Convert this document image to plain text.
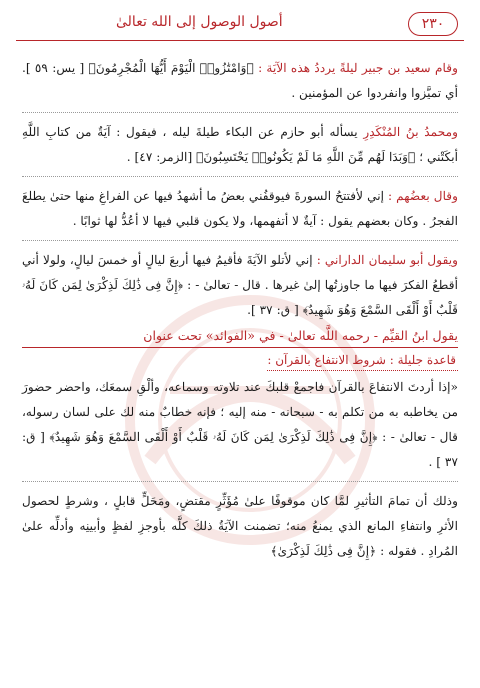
٢٣٠
أصول الوصول إلى الله تعالىٰ

وقام سعيد بن جبير ليلةً يرددُ هذه الآيَة : ﴿وَامْتَٰزُوا۟ الْيَوْمَ أَيُّهَا الْمُجْرِمُونَ﴾ [ يس: ٥٩ ]. أي تميَّزوا وانفردوا عن المؤمنين .

ومحمدُ بنُ المُنْكَدِرِ يسأله أبو حازم عن البكاء طيلةَ ليله ، فيقول : آيَةٌ من كتابِ اللَّهِ أبكَتْني ؛ ﴿وَبَدَا لَهُم مِّنَ اللَّهِ مَا لَمْ يَكُونُوا۟ يَحْتَسِبُونَ﴾ [الزمر: ٤٧] .

وقال بعضُهم : إني لأفتتحُ السورةَ فيوقفُني بعضُ ما أشهدُ فيها عن الفراغِ منها حتىٰ يطلعَ الفجرُ . وكان بعضهم يقول : آيةٌ لا أتفهمها، ولا يكون قلبي فيها لا أعُدُّ لها ثوابًا .

ويقول أبو سليمان الداراني : إني لأتلو الآيَةَ فأقيمُ فيها أربعَ ليالٍ أو خمسَ ليالٍ، ولولا أني أقطعُ الفكرَ فيها ما جاوزتُها إلىٰ غيرها . قال - تعالىٰ - : ﴿إِنَّ فِى ذَٰلِكَ لَذِكْرَىٰ لِمَن كَانَ لَهُۥ قَلْبٌ أَوْ أَلْقَى السَّمْعَ وَهُوَ شَهِيدٌ﴾ [ ق: ٣٧ ].

يقول ابنُ القيِّم - رحمه اللَّه تعالىٰ - في «الفوائد» تحت عنوان
قاعدة جليلة : شروط الانتفاع بالقرآن :

«إذا أردتَ الانتفاعَ بالقرآن فاجمعْ قلبكَ عند تلاوته وسماعه، وألْقِ سمعَك، واحضر حضورَ من يخاطبه به من تكلم به - سبحانه - منه إليه ؛ فإنه خطابٌ منه لك على لسان رسوله، قال - تعالىٰ - : ﴿إِنَّ فِى ذَٰلِكَ لَذِكْرَىٰ لِمَن كَانَ لَهُۥ قَلْبٌ أَوْ أَلْقَى السَّمْعَ وَهُوَ شَهِيدٌ﴾ [ ق: ٣٧ ] .

وذلك أن تمامَ التأثيرِ لمَّا كان موقوفًا علىٰ مُؤَثِّرٍ مقتضٍ، ومَحَلٍّ قابلٍ ، وشرطٍ لحصول الأثرِ وانتفاءِ المانع الذي يمنعُ منه؛ تضمنت الآيَةُ ذلكَ كلَّه بأوجزِ لفظٍ وأبينِه وأدلِّه علىٰ المُرادِ . فقوله : ﴿إِنَّ فِى ذَٰلِكَ لَذِكْرَىٰ﴾
